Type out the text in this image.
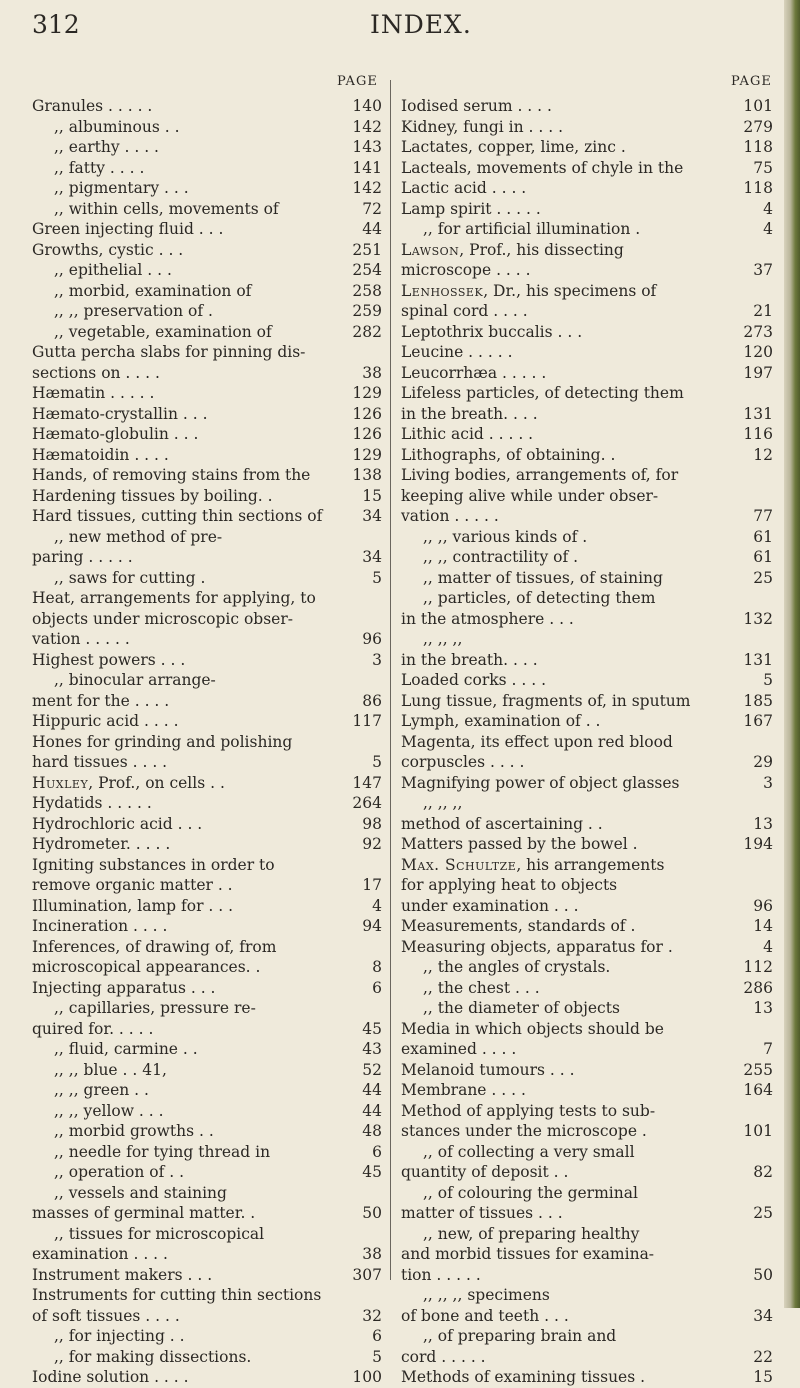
312	INDEX.
PAGE
Granules . . . . .	140
,, albuminous . .	142
,, earthy . . . .	143
,, fatty . . . .	141
,, pigmentary . . .	142
,, within cells, movements of	72
Green injecting fluid . . .	44
Growths, cystic . . .	251
,, epithelial . . .	254
,, morbid, examination of	258
,, ,, preservation of .	259
,, vegetable, examination of	282
Gutta percha slabs for pinning dis-
sections on . . . .	38
Hæmatin . . . . .	129
Hæmato-crystallin . . .	126
Hæmato-globulin . . .	126
Hæmatoidin . . . .	129
Hands, of removing stains from the	138
Hardening tissues by boiling. .	15
Hard tissues, cutting thin sections of	34
,, new method of pre-
paring . . . . .	34
,, saws for cutting .	5
Heat, arrangements for applying, to
objects under microscopic obser-
vation . . . . .	96
Highest powers . . .	3
,, binocular arrange-
ment for the . . . .	86
Hippuric acid . . . .	117
Hones for grinding and polishing
hard tissues . . . .	5
Huxley, Prof., on cells . .	147
Hydatids . . . . .	264
Hydrochloric acid . . .	98
Hydrometer. . . . .	92
Igniting substances in order to
remove organic matter . .	17
Illumination, lamp for . . .	4
Incineration . . . .	94
Inferences, of drawing of, from
microscopical appearances. .	8
Injecting apparatus . . .	6
,, capillaries, pressure re-
quired for. . . . .	45
,, fluid, carmine . .	43
,, ,, blue . . 41,	52
,, ,, green . .	44
,, ,, yellow . . .	44
,, morbid growths . .	48
,, needle for tying thread in	6
,, operation of . .	45
,, vessels and staining
masses of germinal matter. .	50
,, tissues for microscopical
examination . . . .	38
Instrument makers . . .	307
Instruments for cutting thin sections
of soft tissues . . . .	32
,, for injecting . .	6
,, for making dissections.	5
Iodine solution . . . .	100
PAGE
Iodised serum . . . .	101
Kidney, fungi in . . . .	279
Lactates, copper, lime, zinc .	118
Lacteals, movements of chyle in the	75
Lactic acid . . . .	118
Lamp spirit . . . . .	4
,, for artificial illumination .	4
Lawson, Prof., his dissecting
microscope . . . .	37
Lenhossek, Dr., his specimens of
spinal cord . . . .	21
Leptothrix buccalis . . .	273
Leucine . . . . .	120
Leucorrhæa . . . . .	197
Lifeless particles, of detecting them
in the breath. . . .	131
Lithic acid . . . . .	116
Lithographs, of obtaining. .	12
Living bodies, arrangements of, for
keeping alive while under obser-
vation . . . . .	77
,, ,, various kinds of .	61
,, ,, contractility of .	61
,, matter of tissues, of staining	25
,, particles, of detecting them
in the atmosphere . . .	132
,, ,, ,,
in the breath. . . .	131
Loaded corks . . . .	5
Lung tissue, fragments of, in sputum	185
Lymph, examination of . .	167
Magenta, its effect upon red blood
corpuscles . . . .	29
Magnifying power of object glasses	3
,, ,, ,,
method of ascertaining . .	13
Matters passed by the bowel .	194
Max. Schultze, his arrangements
for applying heat to objects
under examination . . .	96
Measurements, standards of .	14
Measuring objects, apparatus for .	4
,, the angles of crystals.	112
,, the chest . . .	286
,, the diameter of objects	13
Media in which objects should be
examined . . . .	7
Melanoid tumours . . .	255
Membrane . . . .	164
Method of applying tests to sub-
stances under the microscope .	101
,, of collecting a very small
quantity of deposit . .	82
,, of colouring the germinal
matter of tissues . . .	25
,, new, of preparing healthy
and morbid tissues for examina-
tion . . . . .	50
,, ,, ,, specimens
of bone and teeth . . .	34
,, of preparing brain and
cord . . . . .	22
Methods of examining tissues .	15
